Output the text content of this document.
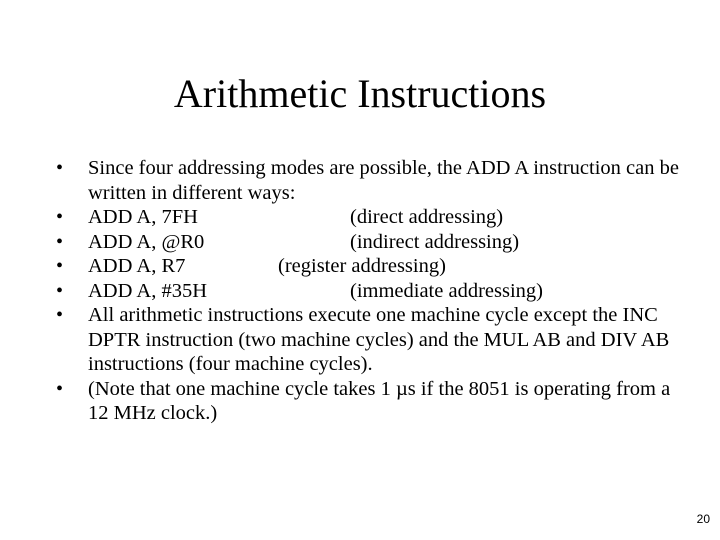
Arithmetic Instructions
•	Since four addressing modes are possible, the ADD A instruction can be written in different ways:
•	ADD A, 7FH	(direct addressing)
•	ADD A, @R0	(indirect addressing)
•	ADD A, R7	(register addressing)
•	ADD A, #35H	(immediate addressing)
•	All arithmetic instructions execute one machine cycle except the INC DPTR instruction (two machine cycles) and the MUL AB and DIV AB instructions (four machine cycles).
•	(Note that one machine cycle takes 1 µs if the 8051 is operating from a 12 MHz clock.)
20
